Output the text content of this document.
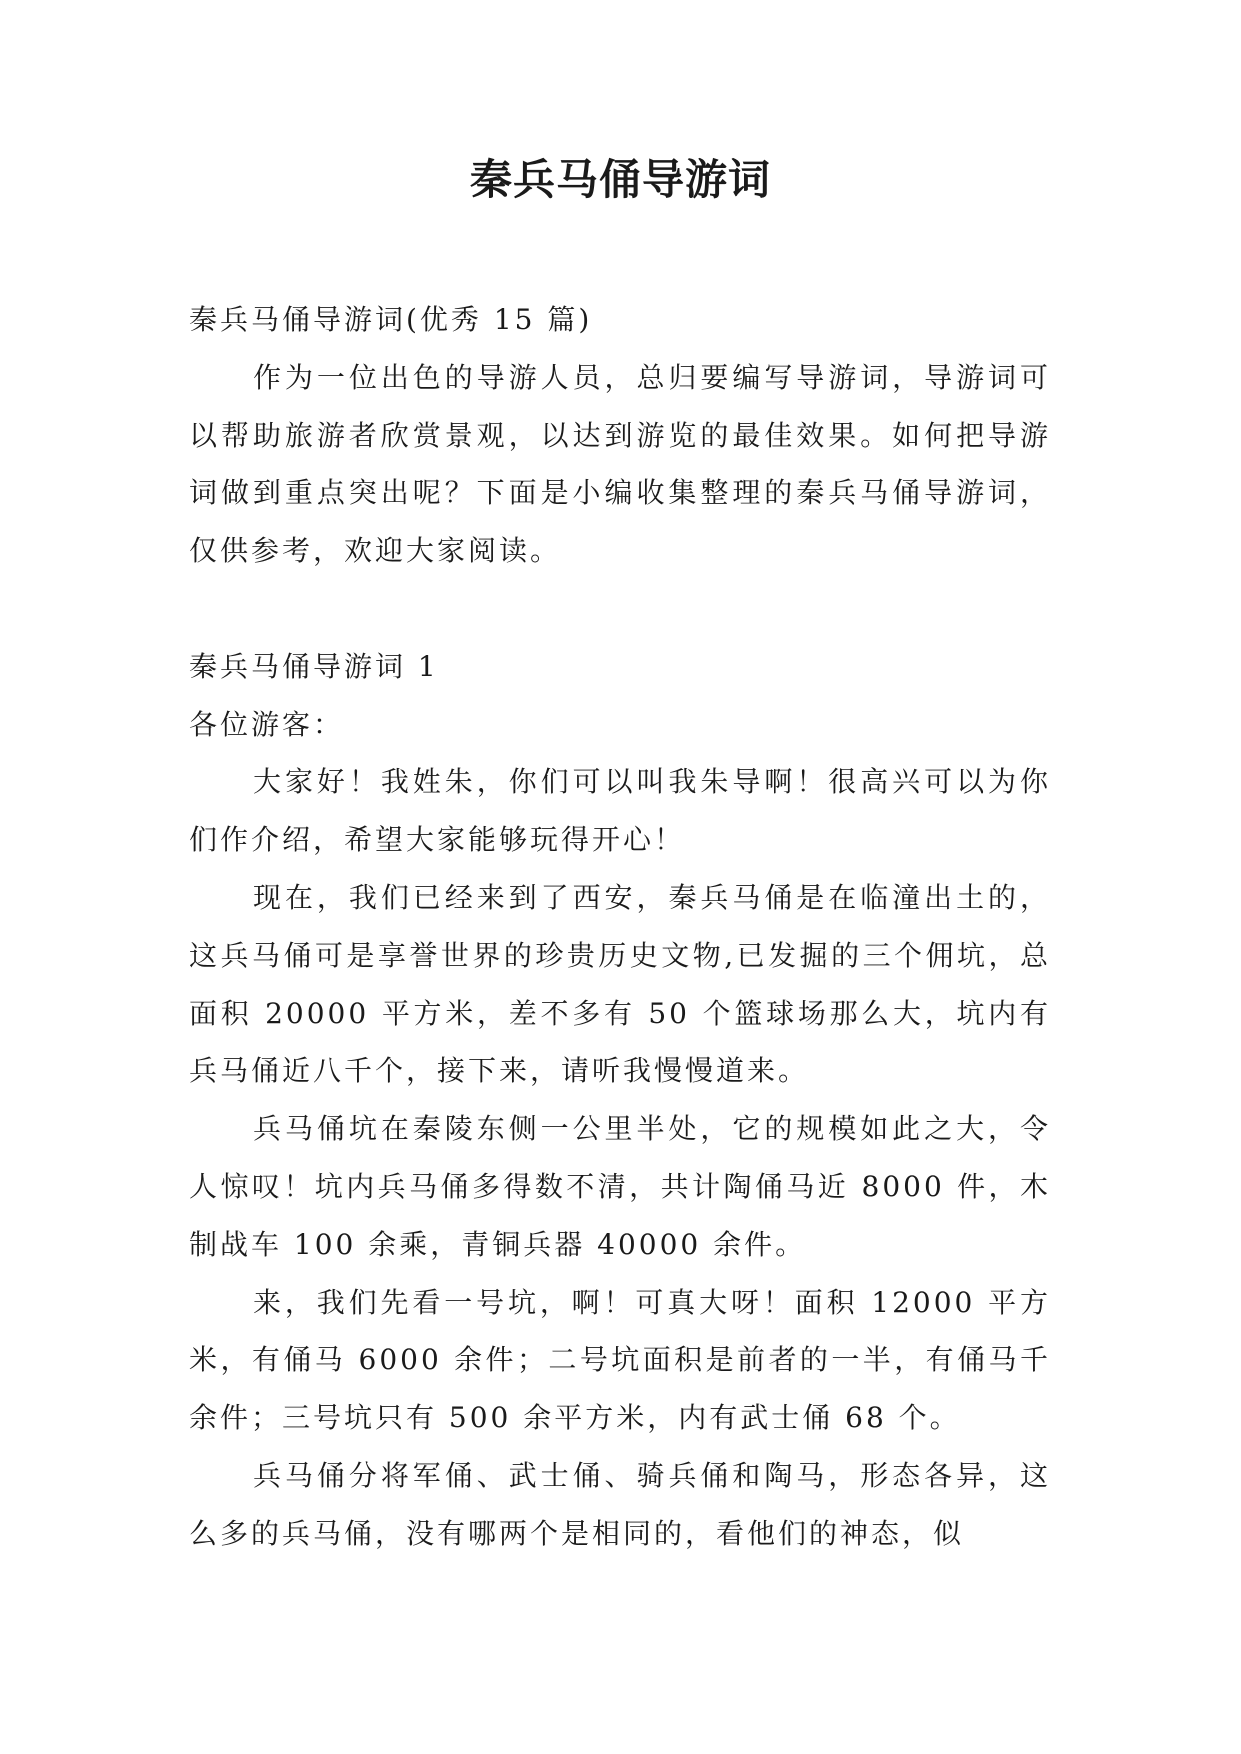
秦兵马俑导游词

秦兵马俑导游词(优秀 15 篇)

作为一位出色的导游人员，总归要编写导游词，导游词可以帮助旅游者欣赏景观，以达到游览的最佳效果。如何把导游词做到重点突出呢？下面是小编收集整理的秦兵马俑导游词，仅供参考，欢迎大家阅读。

秦兵马俑导游词 1

各位游客：

大家好！我姓朱，你们可以叫我朱导啊！很高兴可以为你们作介绍，希望大家能够玩得开心！

现在，我们已经来到了西安，秦兵马俑是在临潼出土的，这兵马俑可是享誉世界的珍贵历史文物,已发掘的三个佣坑，总面积 20000 平方米，差不多有 50 个篮球场那么大，坑内有兵马俑近八千个，接下来，请听我慢慢道来。

兵马俑坑在秦陵东侧一公里半处，它的规模如此之大，令人惊叹！坑内兵马俑多得数不清，共计陶俑马近 8000 件，木制战车 100 余乘，青铜兵器 40000 余件。

来，我们先看一号坑，啊！可真大呀！面积 12000 平方米，有俑马 6000 余件；二号坑面积是前者的一半，有俑马千余件；三号坑只有 500 余平方米，内有武士俑 68 个。

兵马俑分将军俑、武士俑、骑兵俑和陶马，形态各异，这么多的兵马俑，没有哪两个是相同的，看他们的神态，似
